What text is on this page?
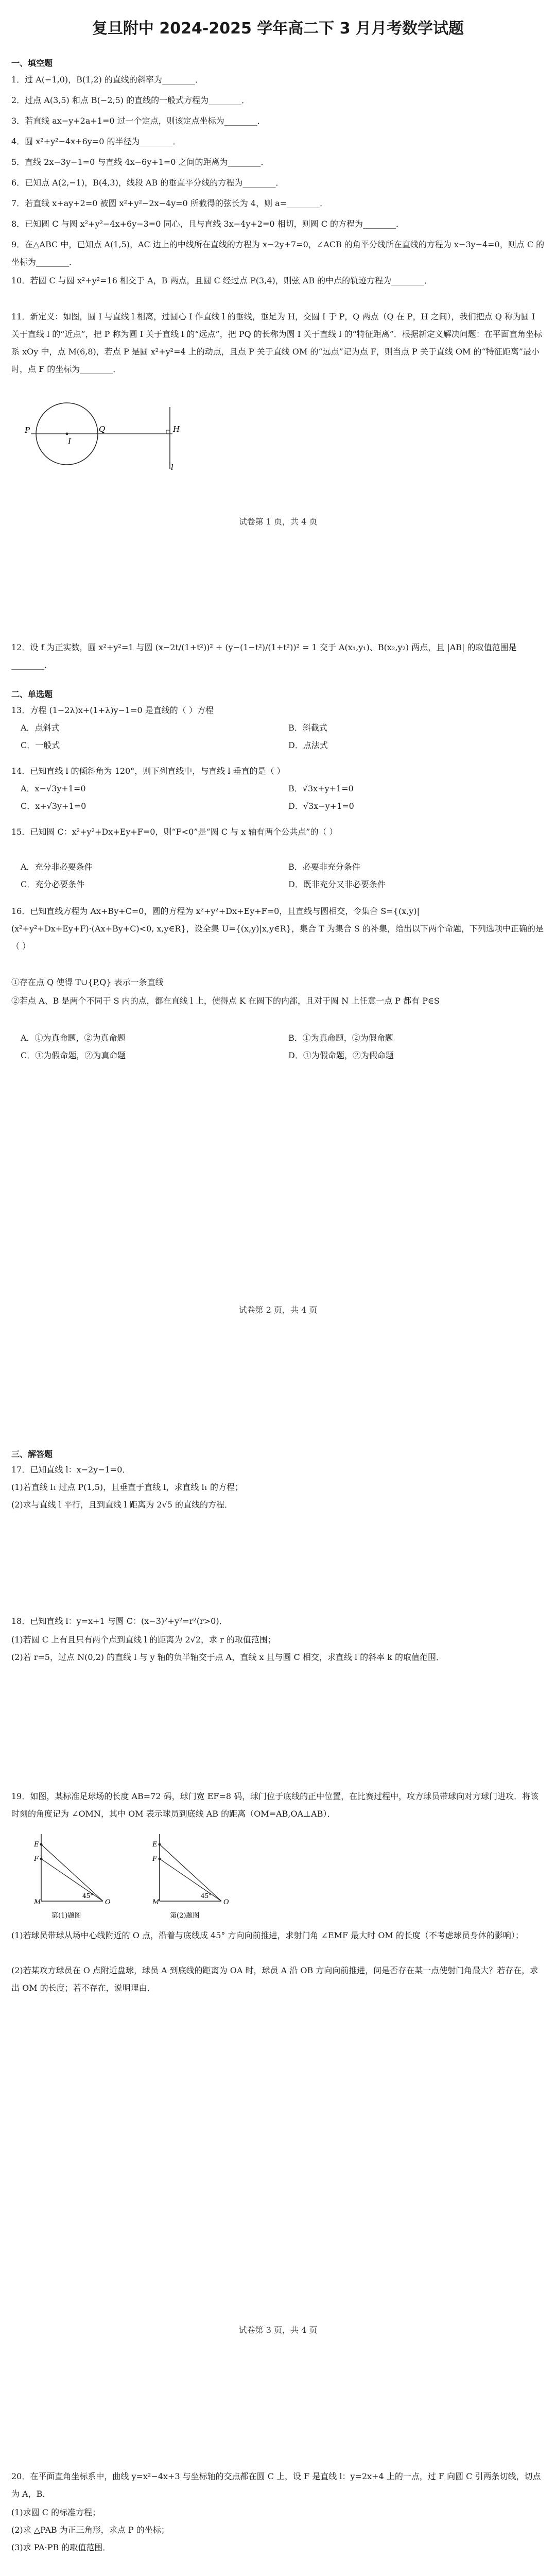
复旦附中 2024-2025 学年高二下 3 月月考数学试题
一、填空题

1．过 A(−1,0)，B(1,2) 的直线的斜率为________．

2．过点 A(3,5) 和点 B(−2,5) 的直线的一般式方程为________．

3．若直线 ax−y+2a+1=0 过一个定点，则该定点坐标为________．

4．圆 x²+y²−4x+6y=0 的半径为________．

5．直线 2x−3y−1=0 与直线 4x−6y+1=0 之间的距离为________．

6．已知点 A(2,−1)，B(4,3)，线段 AB 的垂直平分线的方程为________．

7．若直线 x+ay+2=0 被圆 x²+y²−2x−4y=0 所截得的弦长为 4，则 a=________．

8．已知圆 C 与圆 x²+y²−4x+6y−3=0 同心，且与直线 3x−4y+2=0 相切，则圆 C 的方程为________．

9．在△ABC 中，已知点 A(1,5)，AC 边上的中线所在直线的方程为 x−2y+7=0，∠ACB 的角平分线所在直线的方程为 x−3y−4=0，则点 C 的坐标为________．

10．若圆 C 与圆 x²+y²=16 相交于 A，B 两点，且圆 C 经过点 P(3,4)，则弦 AB 的中点的轨迹方程为________．

11．新定义：如图，圆 I 与直线 l 相离，过圆心 I 作直线 l 的垂线，垂足为 H，交圆 I 于 P，Q 两点（Q 在 P，H 之间），我们把点 Q 称为圆 I 关于直线 l 的“近点”，把 P 称为圆 I 关于直线 l 的“远点”，把 PQ 的长称为圆 I 关于直线 l 的“特征距离”．根据新定义解决问题：在平面直角坐标系 xOy 中，点 M(6,8)，若点 P 是圆 x²+y²=4 上的动点，且点 P 关于直线 OM 的“远点”记为点 F，则当点 P 关于直线 OM 的“特征距离”最小时，点 F 的坐标为________．

P
I
Q	H
l
试卷第 1 页，共 4 页

12．设 f 为正实数，圆 x²+y²=1 与圆 (x−2t/(1+t²))² + (y−(1−t²)/(1+t²))² = 1 交于 A(x₁,y₁)、B(x₂,y₂) 两点，且 |AB| 的取值范围是________．

二、单选题

13．方程 (1−2λ)x+(1+λ)y−1=0 是直线的（ ）方程

A．点斜式	B．斜截式
C．一般式	D．点法式

14．已知直线 l 的倾斜角为 120°，则下列直线中，与直线 l 垂直的是（ ）

A．x−√3y+1=0	B．√3x+y+1=0
C．x+√3y+1=0	D．√3x−y+1=0

15．已知圆 C：x²+y²+Dx+Ey+F=0，则“F<0”是“圆 C 与 x 轴有两个公共点”的（ ）

A．充分非必要条件	B．必要非充分条件
C．充分必要条件	D．既非充分又非必要条件

16．已知直线方程为 Ax+By+C=0，圆的方程为 x²+y²+Dx+Ey+F=0，且直线与圆相交，令集合 S={(x,y)|(x²+y²+Dx+Ey+F)·(Ax+By+C)<0, x,y∈R}，设全集 U={(x,y)|x,y∈R}，集合 T 为集合 S 的补集，给出以下两个命题，下列选项中正确的是（ ）

①存在点 Q 使得 T∪{P,Q} 表示一条直线

②若点 A、B 是两个不同于 S 内的点，都在直线 l 上，使得点 K 在圆下的内部，且对于圆 N 上任意一点 P 都有 P∈S

A．①为真命题，②为真命题	B．①为真命题，②为假命题
C．①为假命题，②为真命题	D．①为假命题，②为假命题
试卷第 2 页，共 4 页
三、解答题

17．已知直线 l：x−2y−1=0．

(1)若直线 l₁ 过点 P(1,5)，且垂直于直线 l，求直线 l₁ 的方程；

(2)求与直线 l 平行，且到直线 l 距离为 2√5 的直线的方程．

18．已知直线 l：y=x+1 与圆 C：(x−3)²+y²=r²(r>0)．

(1)若圆 C 上有且只有两个点到直线 l 的距离为 2√2，求 r 的取值范围；

(2)若 r=5，过点 N(0,2) 的直线 l 与 y 轴的负半轴交于点 A，直线 x 且与圆 C 相交，求直线 l 的斜率 k 的取值范围．

19．如图，某标准足球场的长度 AB=72 码，球门宽 EF=8 码，球门位于底线的正中位置，在比赛过程中，攻方球员带球向对方球门进攻．将该时刻的角度记为 ∠OMN，其中 OM 表示球员到底线 AB 的距离（OM=AB,OA⊥AB）．

E
F
M	O
45°
第(1)题图
E
F
M	O
45°
第(2)题图

(1)若球员带球从场中心线附近的 O 点，沿着与底线成 45° 方向向前推进，求射门角 ∠EMF 最大时 OM 的长度（不考虑球员身体的影响）；

(2)若某攻方球员在 O 点附近盘球，球员 A 到底线的距离为 OA 时，球员 A 沿 OB 方向向前推进，问是否存在某一点使射门角最大？若存在，求出 OM 的长度；若不存在，说明理由．

试卷第 3 页，共 4 页

20．在平面直角坐标系中，曲线 y=x²−4x+3 与坐标轴的交点都在圆 C 上，设 F 是直线 l：y=2x+4 上的一点，过 F 向圆 C 引两条切线，切点为 A，B．

(1)求圆 C 的标准方程；

(2)求 △PAB 为正三角形，求点 P 的坐标；

(3)求 PA·PB 的取值范围．
